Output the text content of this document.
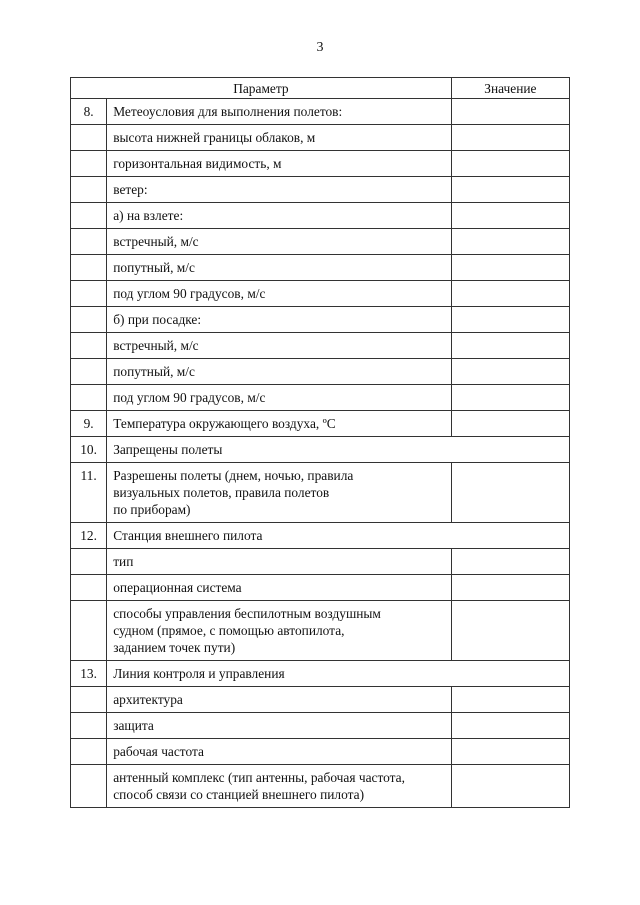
3
Параметр		Значение
8.	Метеоусловия для выполнения полетов:	
	высота нижней границы облаков, м	
	горизонтальная видимость, м	
	ветер:	
	а) на взлете:	
	встречный, м/с	
	попутный, м/с	
	под углом 90 градусов, м/с	
	б) при посадке:	
	встречный, м/с	
	попутный, м/с	
	под углом 90 градусов, м/с	
9.	Температура окружающего воздуха, ºС	
10.	Запрещены полеты	
11.	Разрешены полеты (днем, ночью, правила
визуальных полетов, правила полетов
по приборам)	
12.	Станция внешнего пилота	
	тип	
	операционная система	
	способы управления беспилотным воздушным
судном (прямое, с помощью автопилота,
заданием точек пути)	
13.	Линия контроля и управления	
	архитектура	
	защита	
	рабочая частота	
	антенный комплекс (тип антенны, рабочая частота,
способ связи со станцией внешнего пилота)	
